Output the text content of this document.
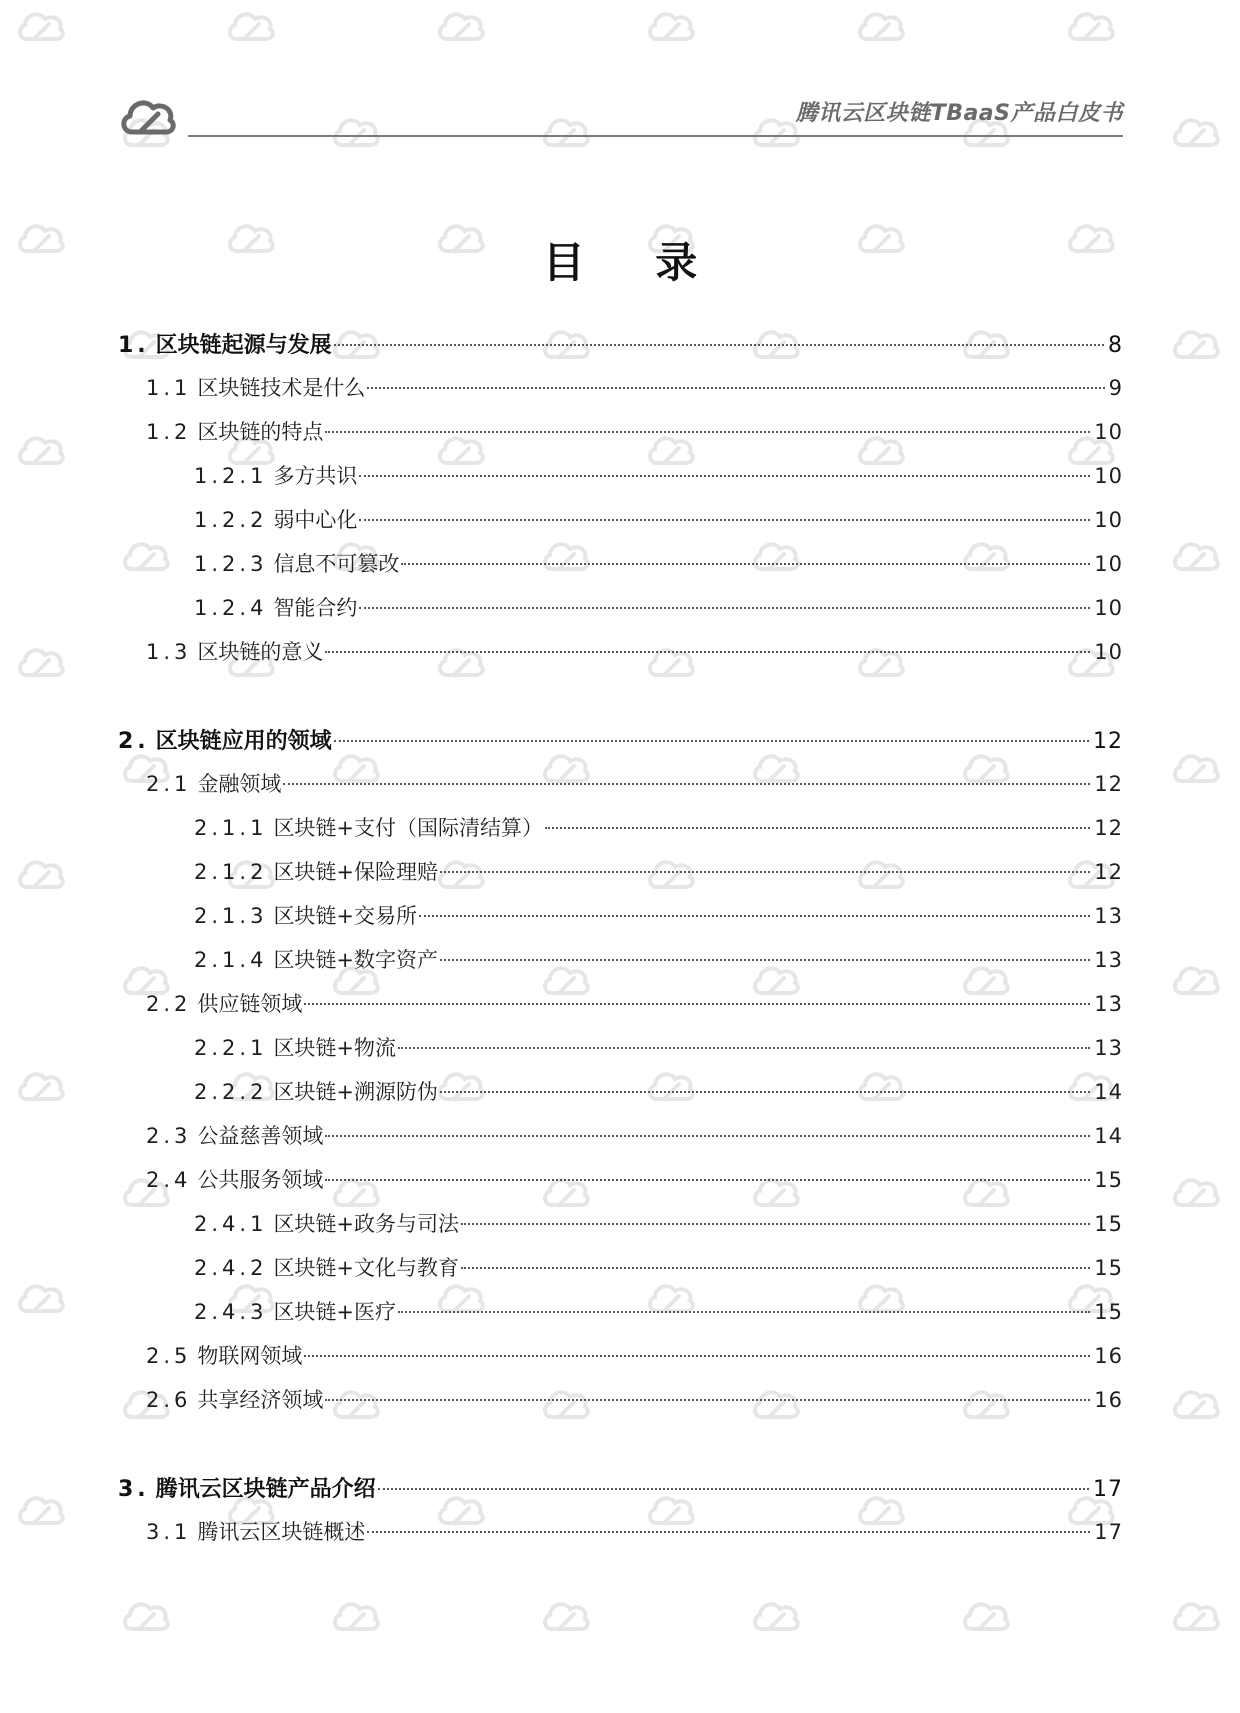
腾讯云区块链TBaaS产品白皮书
目 录
1. 区块链起源与发展	8
1.1 区块链技术是什么	9
1.2 区块链的特点	10
1.2.1 多方共识	10
1.2.2 弱中心化	10
1.2.3 信息不可篡改	10
1.2.4 智能合约	10
1.3 区块链的意义	10
2. 区块链应用的领域	12
2.1 金融领域	12
2.1.1 区块链+支付（国际清结算）	12
2.1.2 区块链+保险理赔	12
2.1.3 区块链+交易所	13
2.1.4 区块链+数字资产	13
2.2 供应链领域	13
2.2.1 区块链+物流	13
2.2.2 区块链+溯源防伪	14
2.3 公益慈善领域	14
2.4 公共服务领域	15
2.4.1 区块链+政务与司法	15
2.4.2 区块链+文化与教育	15
2.4.3 区块链+医疗	15
2.5 物联网领域	16
2.6 共享经济领域	16
3. 腾讯云区块链产品介绍	17
3.1 腾讯云区块链概述	17
